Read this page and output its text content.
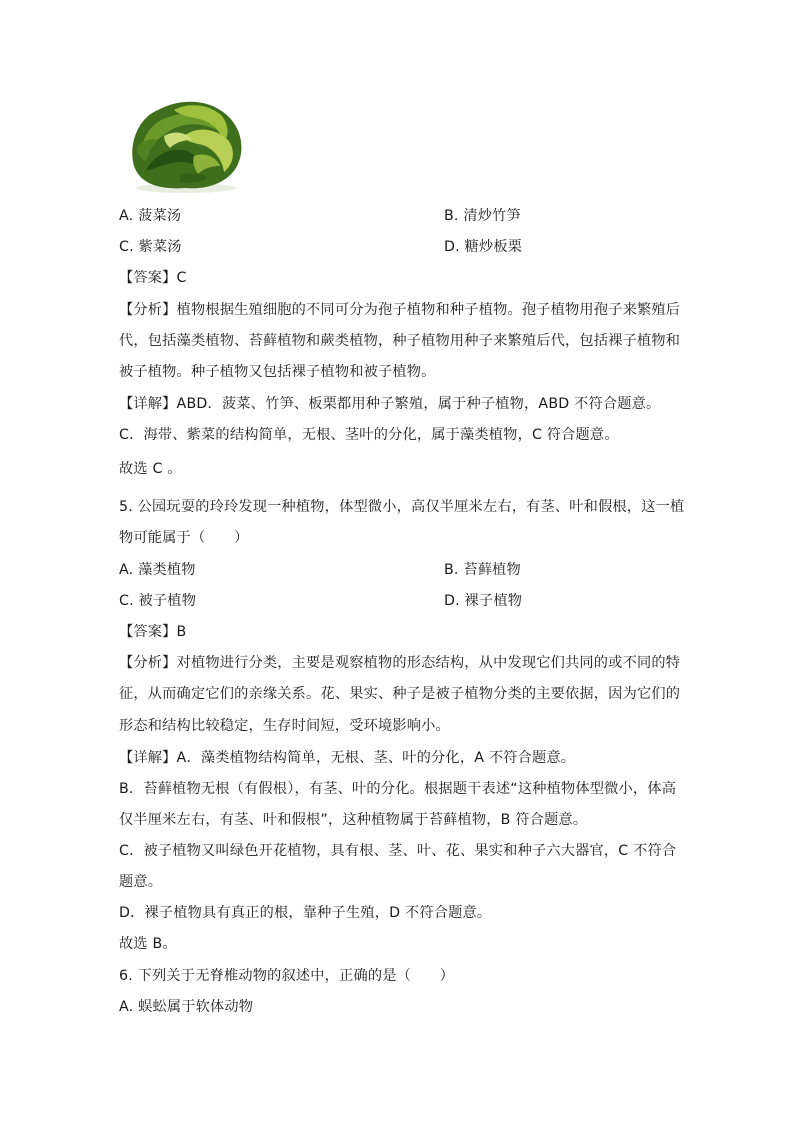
A. 菠菜汤	B. 清炒竹笋
C. 紫菜汤	D. 糖炒板栗
【答案】C
【分析】植物根据生殖细胞的不同可分为孢子植物和种子植物。孢子植物用孢子来繁殖后
代，包括藻类植物、苔藓植物和蕨类植物，种子植物用种子来繁殖后代，包括裸子植物和
被子植物。种子植物又包括裸子植物和被子植物。
【详解】ABD．菠菜、竹笋、板栗都用种子繁殖，属于种子植物，ABD 不符合题意。
C．海带、紫菜的结构简单，无根、茎叶的分化，属于藻类植物，C 符合题意。
故选 C 。
5. 公园玩耍的玲玲发现一种植物，体型微小，高仅半厘米左右，有茎、叶和假根，这一植
物可能属于（　　）
A. 藻类植物	B. 苔藓植物
C. 被子植物	D. 裸子植物
【答案】B
【分析】对植物进行分类，主要是观察植物的形态结构，从中发现它们共同的或不同的特
征，从而确定它们的亲缘关系。花、果实、种子是被子植物分类的主要依据，因为它们的
形态和结构比较稳定，生存时间短，受环境影响小。
【详解】A．藻类植物结构简单，无根、茎、叶的分化，A 不符合题意。
B．苔藓植物无根（有假根），有茎、叶的分化。根据题干表述“这种植物体型微小，体高
仅半厘米左右，有茎、叶和假根”，这种植物属于苔藓植物，B 符合题意。
C．被子植物又叫绿色开花植物，具有根、茎、叶、花、果实和种子六大器官，C 不符合
题意。
D．裸子植物具有真正的根，靠种子生殖，D 不符合题意。
故选 B。
6. 下列关于无脊椎动物的叙述中，正确的是（　　）
A. 蜈蚣属于软体动物
